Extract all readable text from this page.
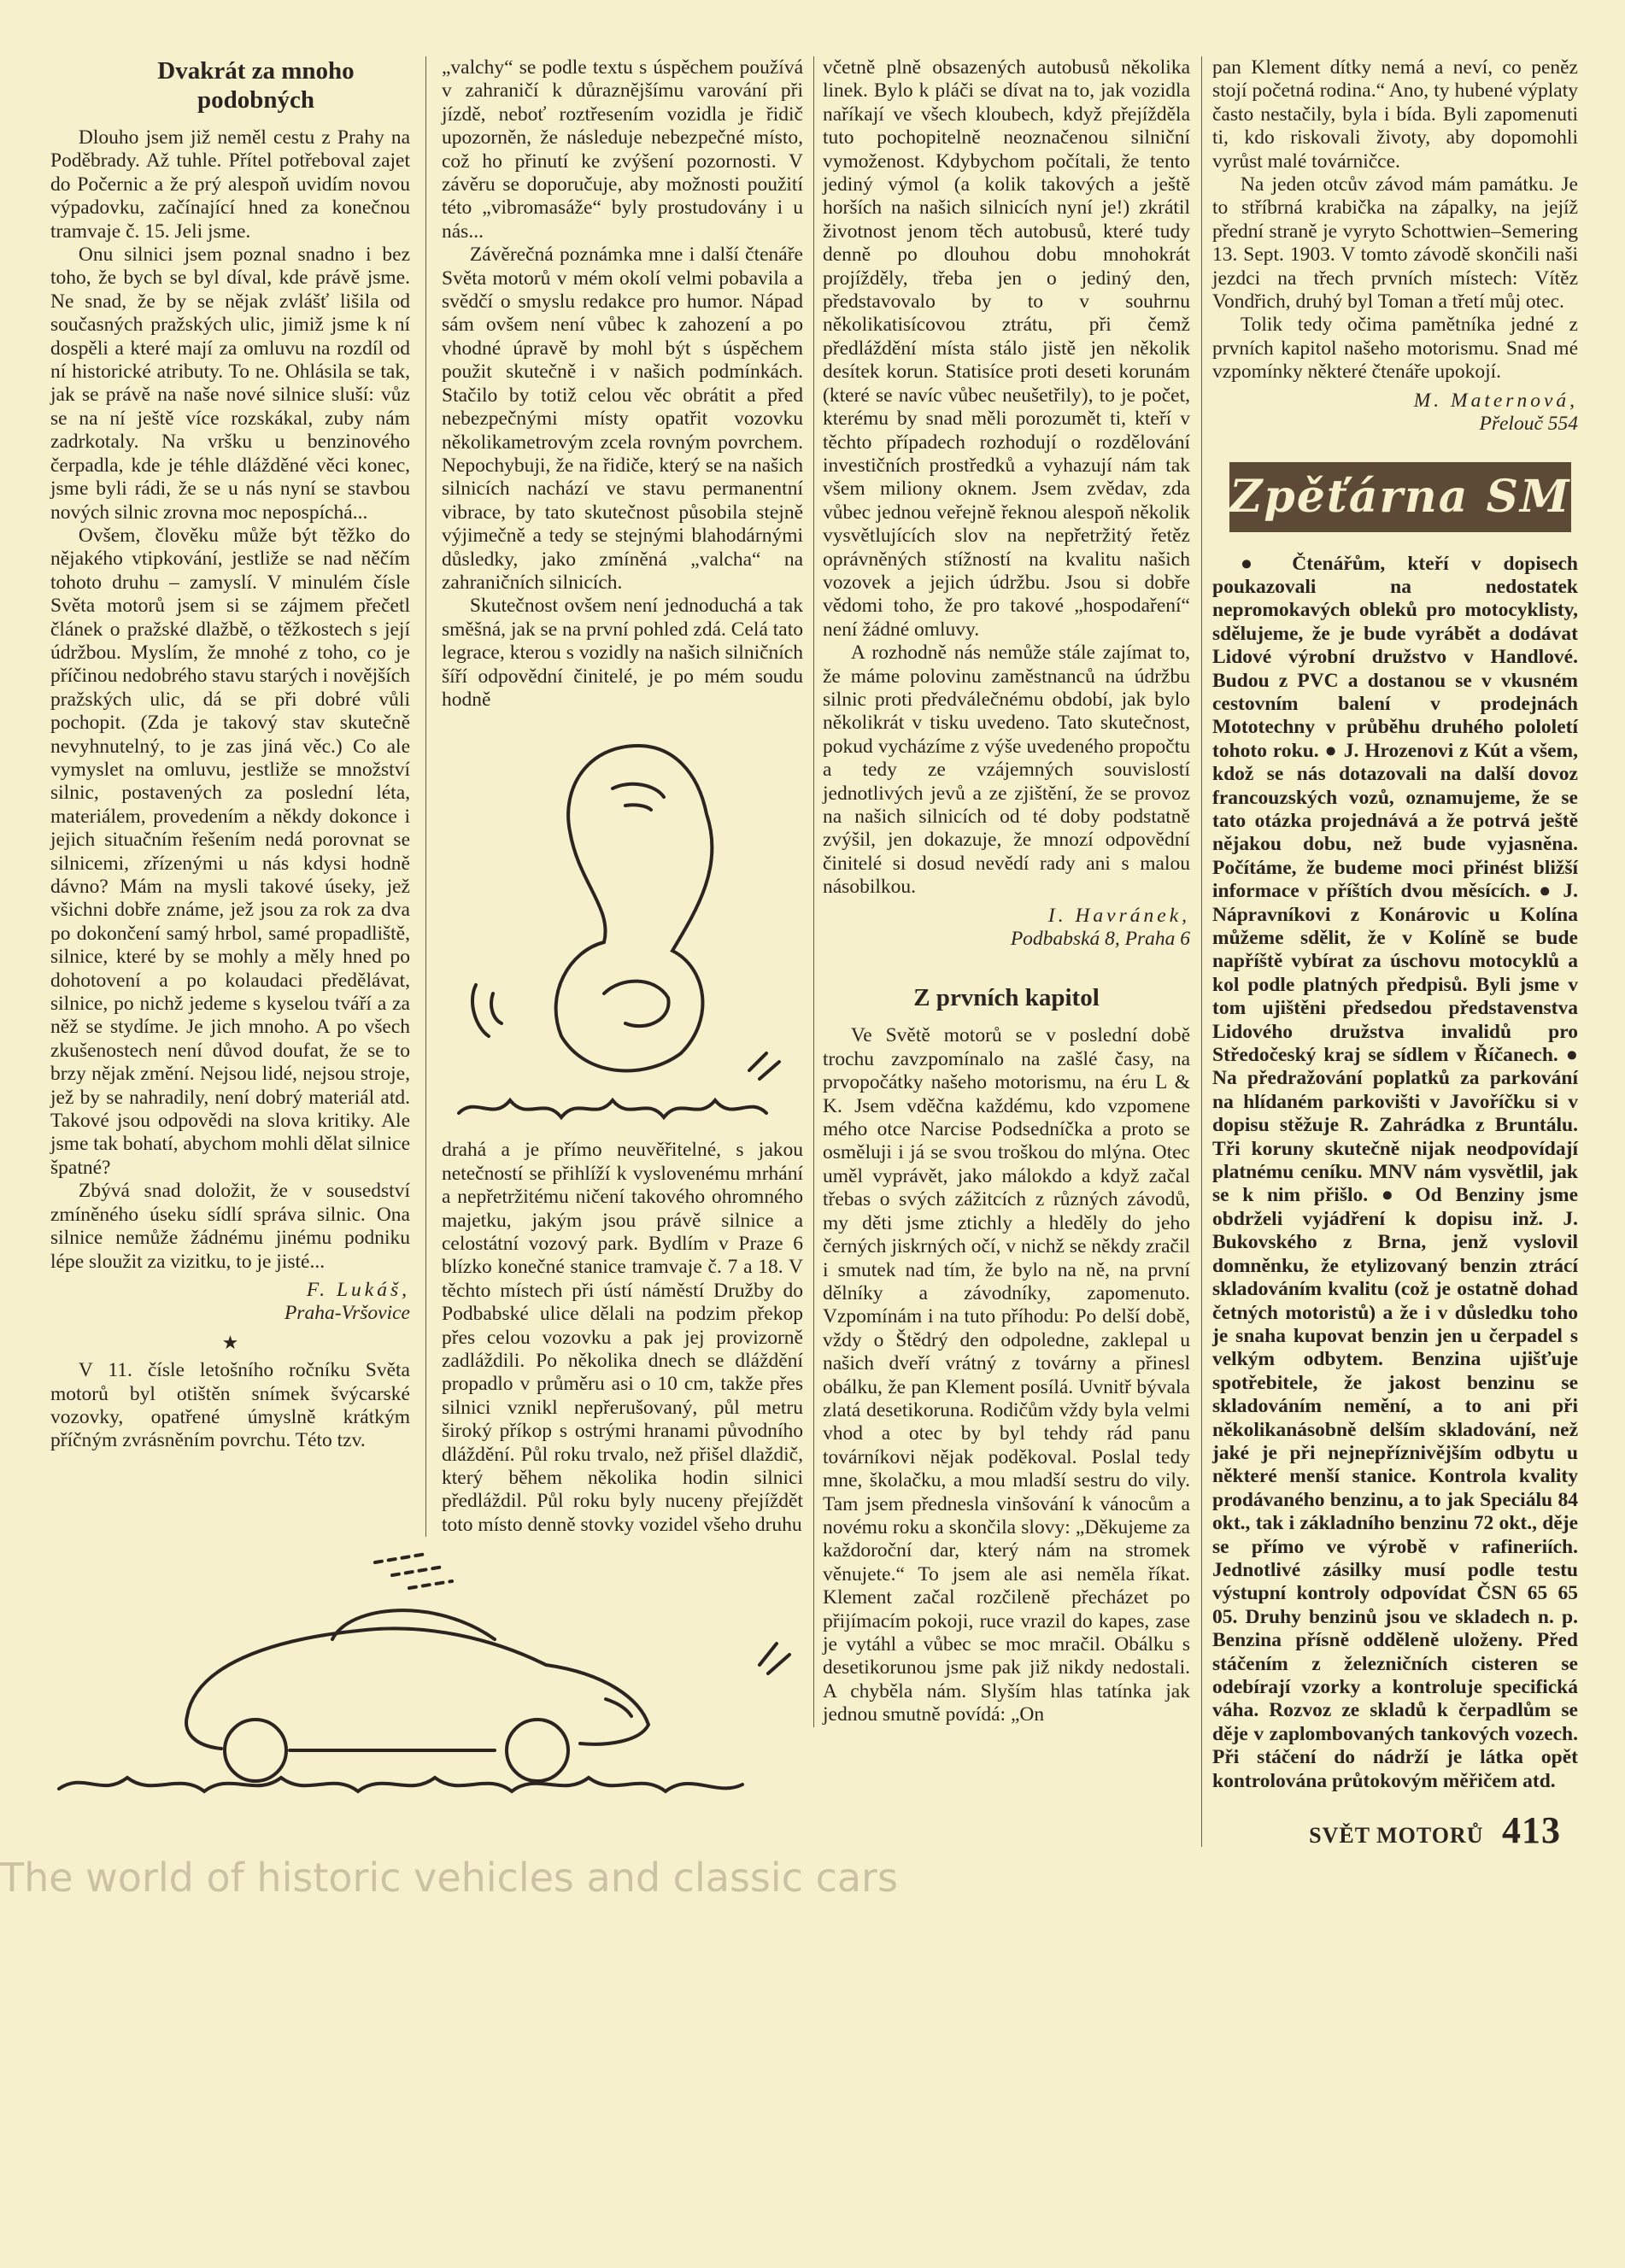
Dvakrát za mnoho podobných

Dlouho jsem již neměl cestu z Prahy na Poděbrady. Až tuhle. Přítel potřeboval zajet do Počernic a že prý alespoň uvidím novou výpadovku, začínající hned za konečnou tramvaje č. 15. Jeli jsme.

Onu silnici jsem poznal snadno i bez toho, že bych se byl díval, kde právě jsme. Ne snad, že by se nějak zvlášť lišila od současných pražských ulic, jimiž jsme k ní dospěli a které mají za omluvu na rozdíl od ní historické atributy. To ne. Ohlásila se tak, jak se právě na naše nové silnice sluší: vůz se na ní ještě více rozskákal, zuby nám zadrkotaly. Na vršku u benzinového čerpadla, kde je téhle dlážděné věci konec, jsme byli rádi, že se u nás nyní se stavbou nových silnic zrovna moc nepospíchá...

Ovšem, člověku může být těžko do nějakého vtipkování, jestliže se nad něčím tohoto druhu – zamyslí. V minulém čísle Světa motorů jsem si se zájmem přečetl článek o pražské dlažbě, o těžkostech s její údržbou. Myslím, že mnohé z toho, co je příčinou nedobrého stavu starých i novějších pražských ulic, dá se při dobré vůli pochopit. (Zda je takový stav skutečně nevyhnutelný, to je zas jiná věc.) Co ale vymyslet na omluvu, jestliže se množství silnic, postavených za poslední léta, materiálem, provedením a někdy dokonce i jejich situačním řešením nedá porovnat se silnicemi, zřízenými u nás kdysi hodně dávno? Mám na mysli takové úseky, jež všichni dobře známe, jež jsou za rok za dva po dokončení samý hrbol, samé propadliště, silnice, které by se mohly a měly hned po dohotovení a po kolaudaci předělávat, silnice, po nichž jedeme s kyselou tváří a za něž se stydíme. Je jich mnoho. A po všech zkušenostech není důvod doufat, že se to brzy nějak změní. Nejsou lidé, nejsou stroje, jež by se nahradily, není dobrý materiál atd. Takové jsou odpovědi na slova kritiky. Ale jsme tak bohatí, abychom mohli dělat silnice špatné?

Zbývá snad doložit, že v sousedství zmíněného úseku sídlí správa silnic. Ona silnice nemůže žádnému jinému podniku lépe sloužit za vizitku, to je jisté...

F. Lukáš,
Praha-Vršovice
★

V 11. čísle letošního ročníku Světa motorů byl otištěn snímek švýcarské vozovky, opatřené úmyslně krátkým příčným zvrásněním povrchu. Této tzv.

„valchy“ se podle textu s úspěchem používá v zahraničí k důraznějšímu varování při jízdě, neboť roztřesením vozidla je řidič upozorněn, že následuje nebezpečné místo, což ho přinutí ke zvýšení pozornosti. V závěru se doporučuje, aby možnosti použití této „vibromasáže“ byly prostudovány i u nás...

Závěrečná poznámka mne i další čtenáře Světa motorů v mém okolí velmi pobavila a svědčí o smyslu redakce pro humor. Nápad sám ovšem není vůbec k zahození a po vhodné úpravě by mohl být s úspěchem použit skutečně i v našich podmínkách. Stačilo by totiž celou věc obrátit a před nebezpečnými místy opatřit vozovku několikametrovým zcela rovným povrchem. Nepochybuji, že na řidiče, který se na našich silnicích nachází ve stavu permanentní vibrace, by tato skutečnost působila stejně výjimečně a tedy se stejnými blahodárnými důsledky, jako zmíněná „valcha“ na zahraničních silnicích.

Skutečnost ovšem není jednoduchá a tak směšná, jak se na první pohled zdá. Celá tato legrace, kterou s vozidly na našich silničních šíří odpovědní činitelé, je po mém soudu hodně

drahá a je přímo neuvěřitelné, s jakou netečností se přihlíží k vyslovenému mrhání a nepřetržitému ničení takového ohromného majetku, jakým jsou právě silnice a celostátní vozový park. Bydlím v Praze 6 blízko konečné stanice tramvaje č. 7 a 18. V těchto místech při ústí náměstí Družby do Podbabské ulice dělali na podzim překop přes celou vozovku a pak jej provizorně zadláždili. Po několika dnech se dláždění propadlo v průměru asi o 10 cm, takže přes silnici vznikl nepřerušovaný, půl metru široký příkop s ostrými hranami původního dláždění. Půl roku trvalo, než přišel dlaždič, který během několika hodin silnici předláždil. Půl roku byly nuceny přejíždět toto místo denně stovky vozidel všeho druhu

včetně plně obsazených autobusů několika linek. Bylo k pláči se dívat na to, jak vozidla naříkají ve všech kloubech, když přejížděla tuto pochopitelně neoznačenou silniční vymoženost. Kdybychom počítali, že tento jediný výmol (a kolik takových a ještě horších na našich silnicích nyní je!) zkrátil životnost jenom těch autobusů, které tudy denně po dlouhou dobu mnohokrát projížděly, třeba jen o jediný den, představovalo by to v souhrnu několikatisícovou ztrátu, při čemž předláždění místa stálo jistě jen několik desítek korun. Statisíce proti deseti korunám (které se navíc vůbec neušetřily), to je počet, kterému by snad měli porozumět ti, kteří v těchto případech rozhodují o rozdělování investičních prostředků a vyhazují nám tak všem miliony oknem. Jsem zvědav, zda vůbec jednou veřejně řeknou alespoň několik vysvětlujících slov na nepřetržitý řetěz oprávněných stížností na kvalitu našich vozovek a jejich údržbu. Jsou si dobře vědomi toho, že pro takové „hospodaření“ není žádné omluvy.

A rozhodně nás nemůže stále zajímat to, že máme polovinu zaměstnanců na údržbu silnic proti předválečnému období, jak bylo několikrát v tisku uvedeno. Tato skutečnost, pokud vycházíme z výše uvedeného propočtu a tedy ze vzájemných souvislostí jednotlivých jevů a ze zjištění, že se provoz na našich silnicích od té doby podstatně zvýšil, jen dokazuje, že mnozí odpovědní činitelé si dosud nevědí rady ani s malou násobilkou.

I. Havránek,
Podbabská 8, Praha 6
Z prvních kapitol

Ve Světě motorů se v poslední době trochu zavzpomínalo na zašlé časy, na prvopočátky našeho motorismu, na éru L & K. Jsem vděčna každému, kdo vzpomene mého otce Narcise Podsedníčka a proto se osměluji i já se svou troškou do mlýna. Otec uměl vyprávět, jako málokdo a když začal třebas o svých zážitcích z různých závodů, my děti jsme ztichly a hleděly do jeho černých jiskrných očí, v nichž se někdy zračil i smutek nad tím, že bylo na ně, na první dělníky a závodníky, zapomenuto. Vzpomínám i na tuto příhodu: Po delší době, vždy o Štědrý den odpoledne, zaklepal u našich dveří vrátný z továrny a přinesl obálku, že pan Klement posílá. Uvnitř bývala zlatá desetikoruna. Rodičům vždy byla velmi vhod a otec by byl tehdy rád panu továrníkovi nějak poděkoval. Poslal tedy mne, školačku, a mou mladší sestru do vily. Tam jsem přednesla vinšování k vánocům a novému roku a skončila slovy: „Děkujeme za každoroční dar, který nám na stromek věnujete.“ To jsem ale asi neměla říkat. Klement začal rozčileně přecházet po přijímacím pokoji, ruce vrazil do kapes, zase je vytáhl a vůbec se moc mračil. Obálku s desetikorunou jsme pak již nikdy nedostali. A chyběla nám. Slyším hlas tatínka jak jednou smutně povídá: „On

pan Klement dítky nemá a neví, co peněz stojí početná rodina.“ Ano, ty hubené výplaty často nestačily, byla i bída. Byli zapomenuti ti, kdo riskovali životy, aby dopomohli vyrůst malé továrničce.

Na jeden otcův závod mám památku. Je to stříbrná krabička na zápalky, na jejíž přední straně je vyryto Schottwien–Semering 13. Sept. 1903. V tomto závodě skončili naši jezdci na třech prvních místech: Vítěz Vondřich, druhý byl Toman a třetí můj otec.

Tolik tedy očima pamětníka jedné z prvních kapitol našeho motorismu. Snad mé vzpomínky některé čtenáře upokojí.

M. Maternová,
Přelouč 554
Zpěťárna SM

● Čtenářům, kteří v dopisech poukazovali na nedostatek nepromokavých obleků pro motocyklisty, sdělujeme, že je bude vyrábět a dodávat Lidové výrobní družstvo v Handlové. Budou z PVC a dostanou se v vkusném cestovním balení v prodejnách Mototechny v průběhu druhého pololetí tohoto roku. ● J. Hrozenovi z Kút a všem, kdož se nás dotazovali na další dovoz francouzských vozů, oznamujeme, že se tato otázka projednává a že potrvá ještě nějakou dobu, než bude vyjasněna. Počítáme, že budeme moci přinést bližší informace v příštích dvou měsících. ● J. Nápravníkovi z Konárovic u Kolína můžeme sdělit, že v Kolíně se bude napříště vybírat za úschovu motocyklů a kol podle platných předpisů. Byli jsme v tom ujištěni předsedou představenstva Lidového družstva invalidů pro Středočeský kraj se sídlem v Říčanech. ● Na předražování poplatků za parkování na hlídaném parkovišti v Javoříčku si v dopisu stěžuje R. Zahrádka z Bruntálu. Tři koruny skutečně nijak neodpovídají platnému ceníku. MNV nám vysvětlil, jak se k nim přišlo. ● Od Benziny jsme obdrželi vyjádření k dopisu inž. J. Bukovského z Brna, jenž vyslovil domněnku, že etylizovaný benzin ztrácí skladováním kvalitu (což je ostatně dohad četných motoristů) a že i v důsledku toho je snaha kupovat benzin jen u čerpadel s velkým odbytem. Benzina ujišťuje spotřebitele, že jakost benzinu se skladováním nemění, a to ani při několikanásobně delším skladování, než jaké je při nejnepříznivějším odbytu u některé menší stanice. Kontrola kvality prodávaného benzinu, a to jak Speciálu 84 okt., tak i základního benzinu 72 okt., děje se přímo ve výrobě v rafineriích. Jednotlivé zásilky musí podle testu výstupní kontroly odpovídat ČSN 65 65 05. Druhy benzinů jsou ve skladech n. p. Benzina přísně odděleně uloženy. Před stáčením z železničních cisteren se odebírají vzorky a kontroluje specifická váha. Rozvoz ze skladů k čerpadlům se děje v zaplombovaných tankových vozech. Při stáčení do nádrží je látka opět kontrolována průtokovým měřičem atd.

SVĚT MOTORŮ 413
The world of historic vehicles and classic cars
